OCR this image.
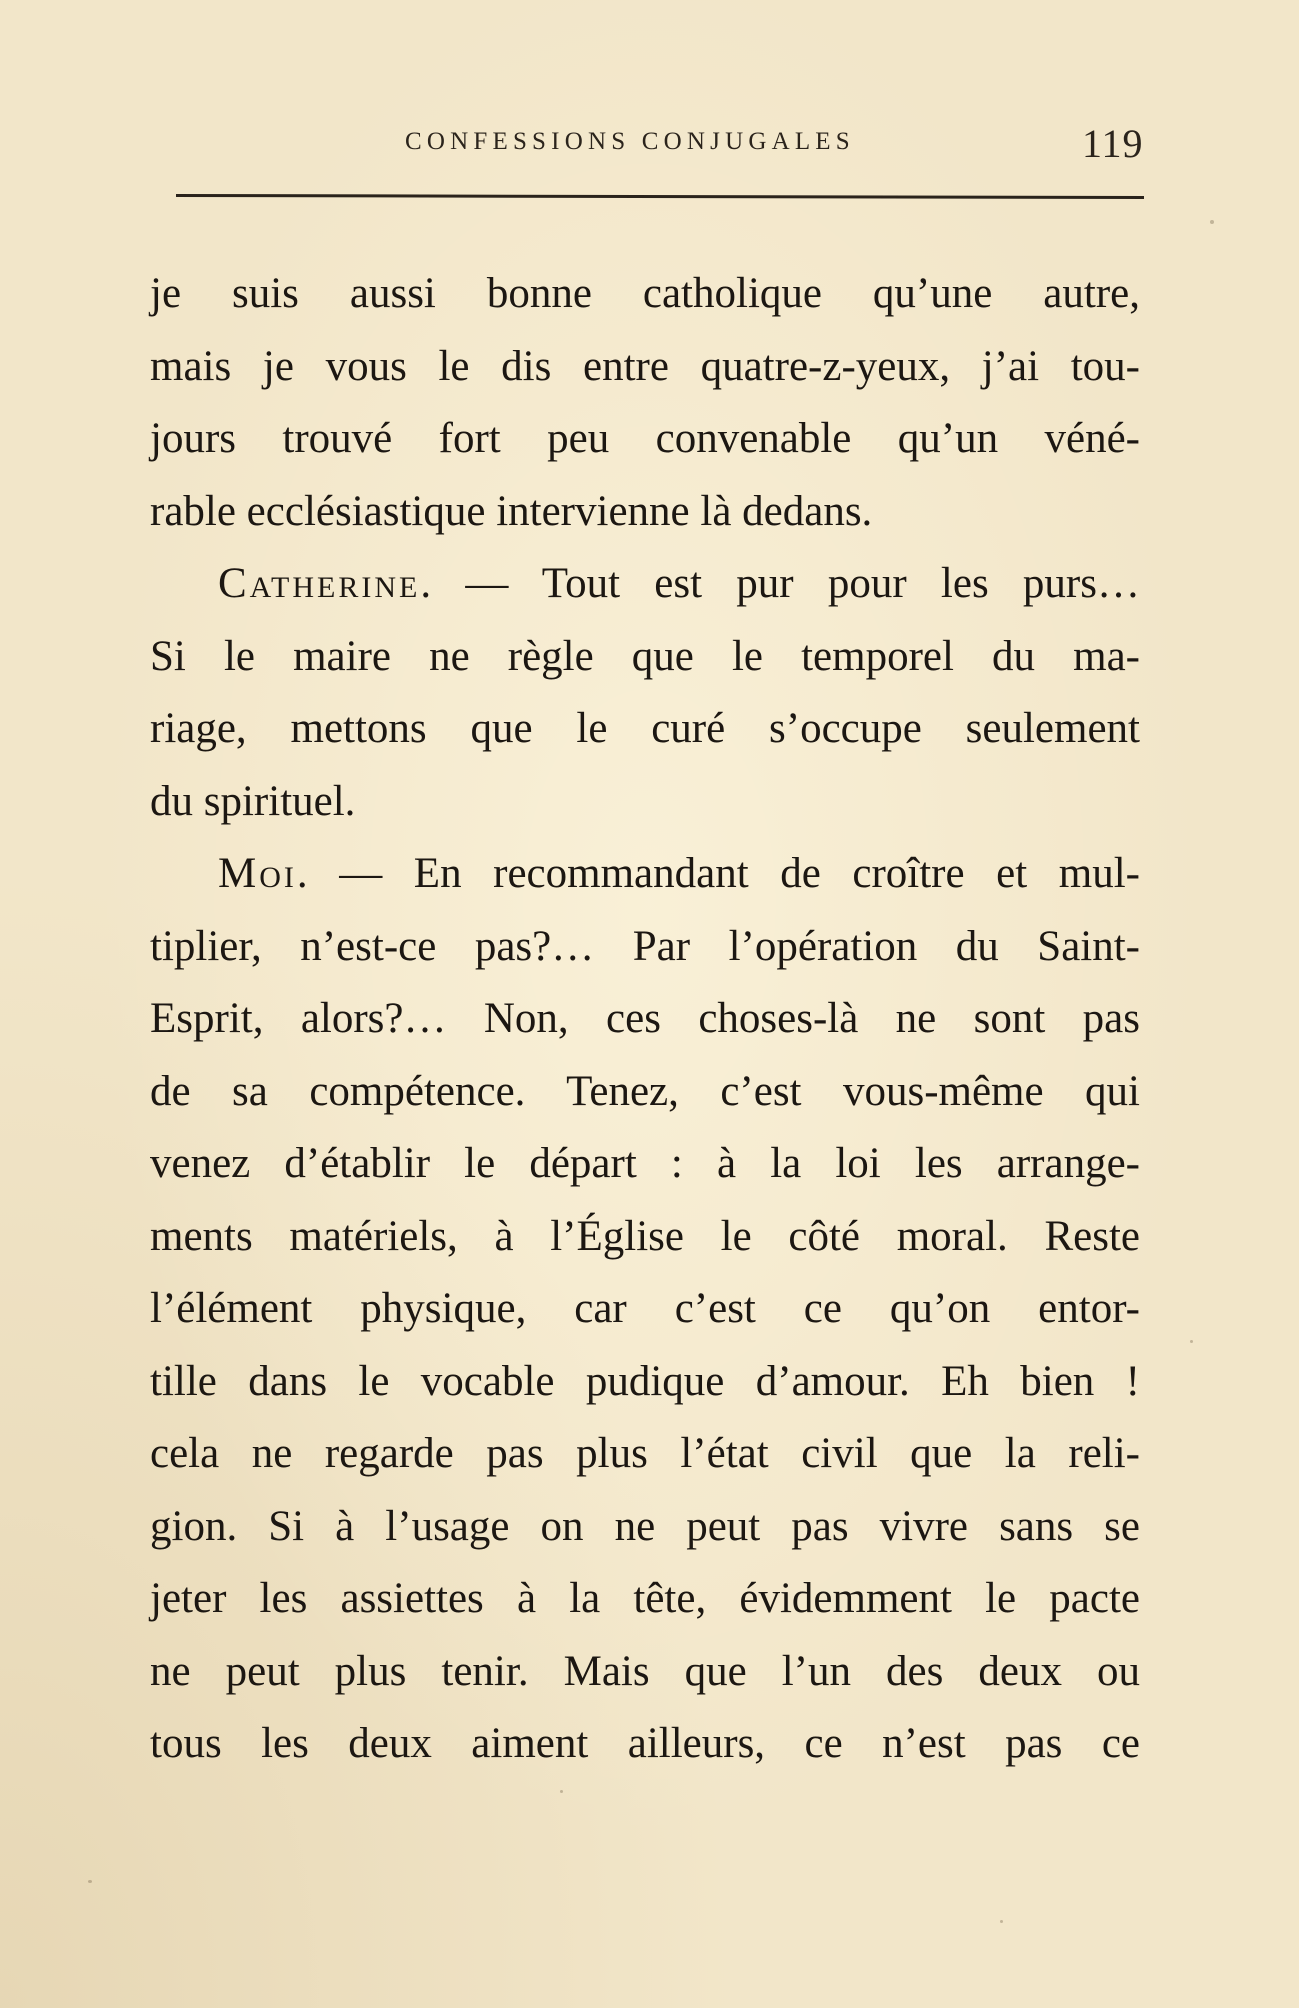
CONFESSIONS CONJUGALES	119
je suis aussi bonne catholique qu’une autre,
mais je vous le dis entre quatre-z-yeux, j’ai tou-
jours trouvé fort peu convenable qu’un véné-
rable ecclésiastique intervienne là dedans.
Catherine. — Tout est pur pour les purs…
Si le maire ne règle que le temporel du ma-
riage, mettons que le curé s’occupe seulement
du spirituel.
Moi. — En recommandant de croître et mul-
tiplier, n’est-ce pas?… Par l’opération du Saint-
Esprit, alors?… Non, ces choses-là ne sont pas
de sa compétence. Tenez, c’est vous-même qui
venez d’établir le départ : à la loi les arrange-
ments matériels, à l’Église le côté moral. Reste
l’élément physique, car c’est ce qu’on entor-
tille dans le vocable pudique d’amour. Eh bien !
cela ne regarde pas plus l’état civil que la reli-
gion. Si à l’usage on ne peut pas vivre sans se
jeter les assiettes à la tête, évidemment le pacte
ne peut plus tenir. Mais que l’un des deux ou
tous les deux aiment ailleurs, ce n’est pas ce
